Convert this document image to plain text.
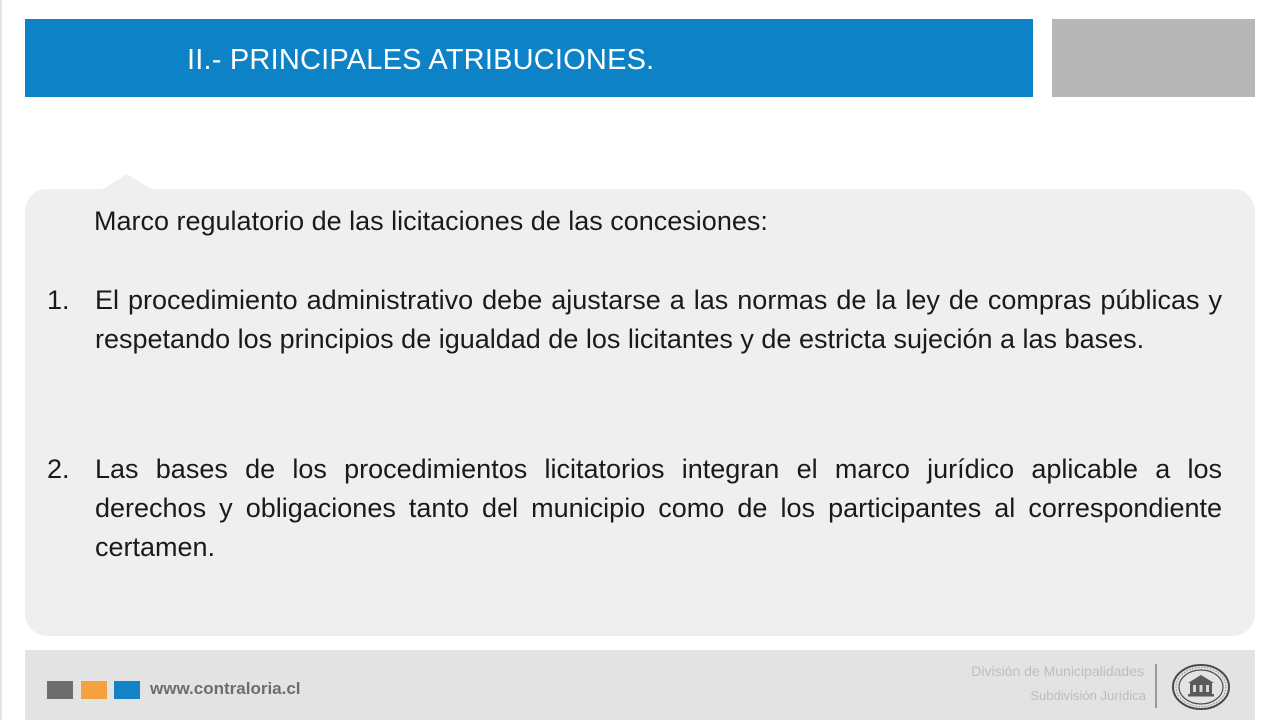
II.- PRINCIPALES ATRIBUCIONES.
Marco regulatorio de las licitaciones de las concesiones:
1. El procedimiento administrativo debe ajustarse a las normas de la ley de compras públicas y respetando los principios de igualdad de los licitantes y de estricta sujeción a las bases.
2. Las bases de los procedimientos licitatorios integran el marco jurídico aplicable a los derechos y obligaciones tanto del municipio como de los participantes al correspondiente certamen.
www.contraloria.cl
División de Municipalidades
Subdivisión Jurídica
